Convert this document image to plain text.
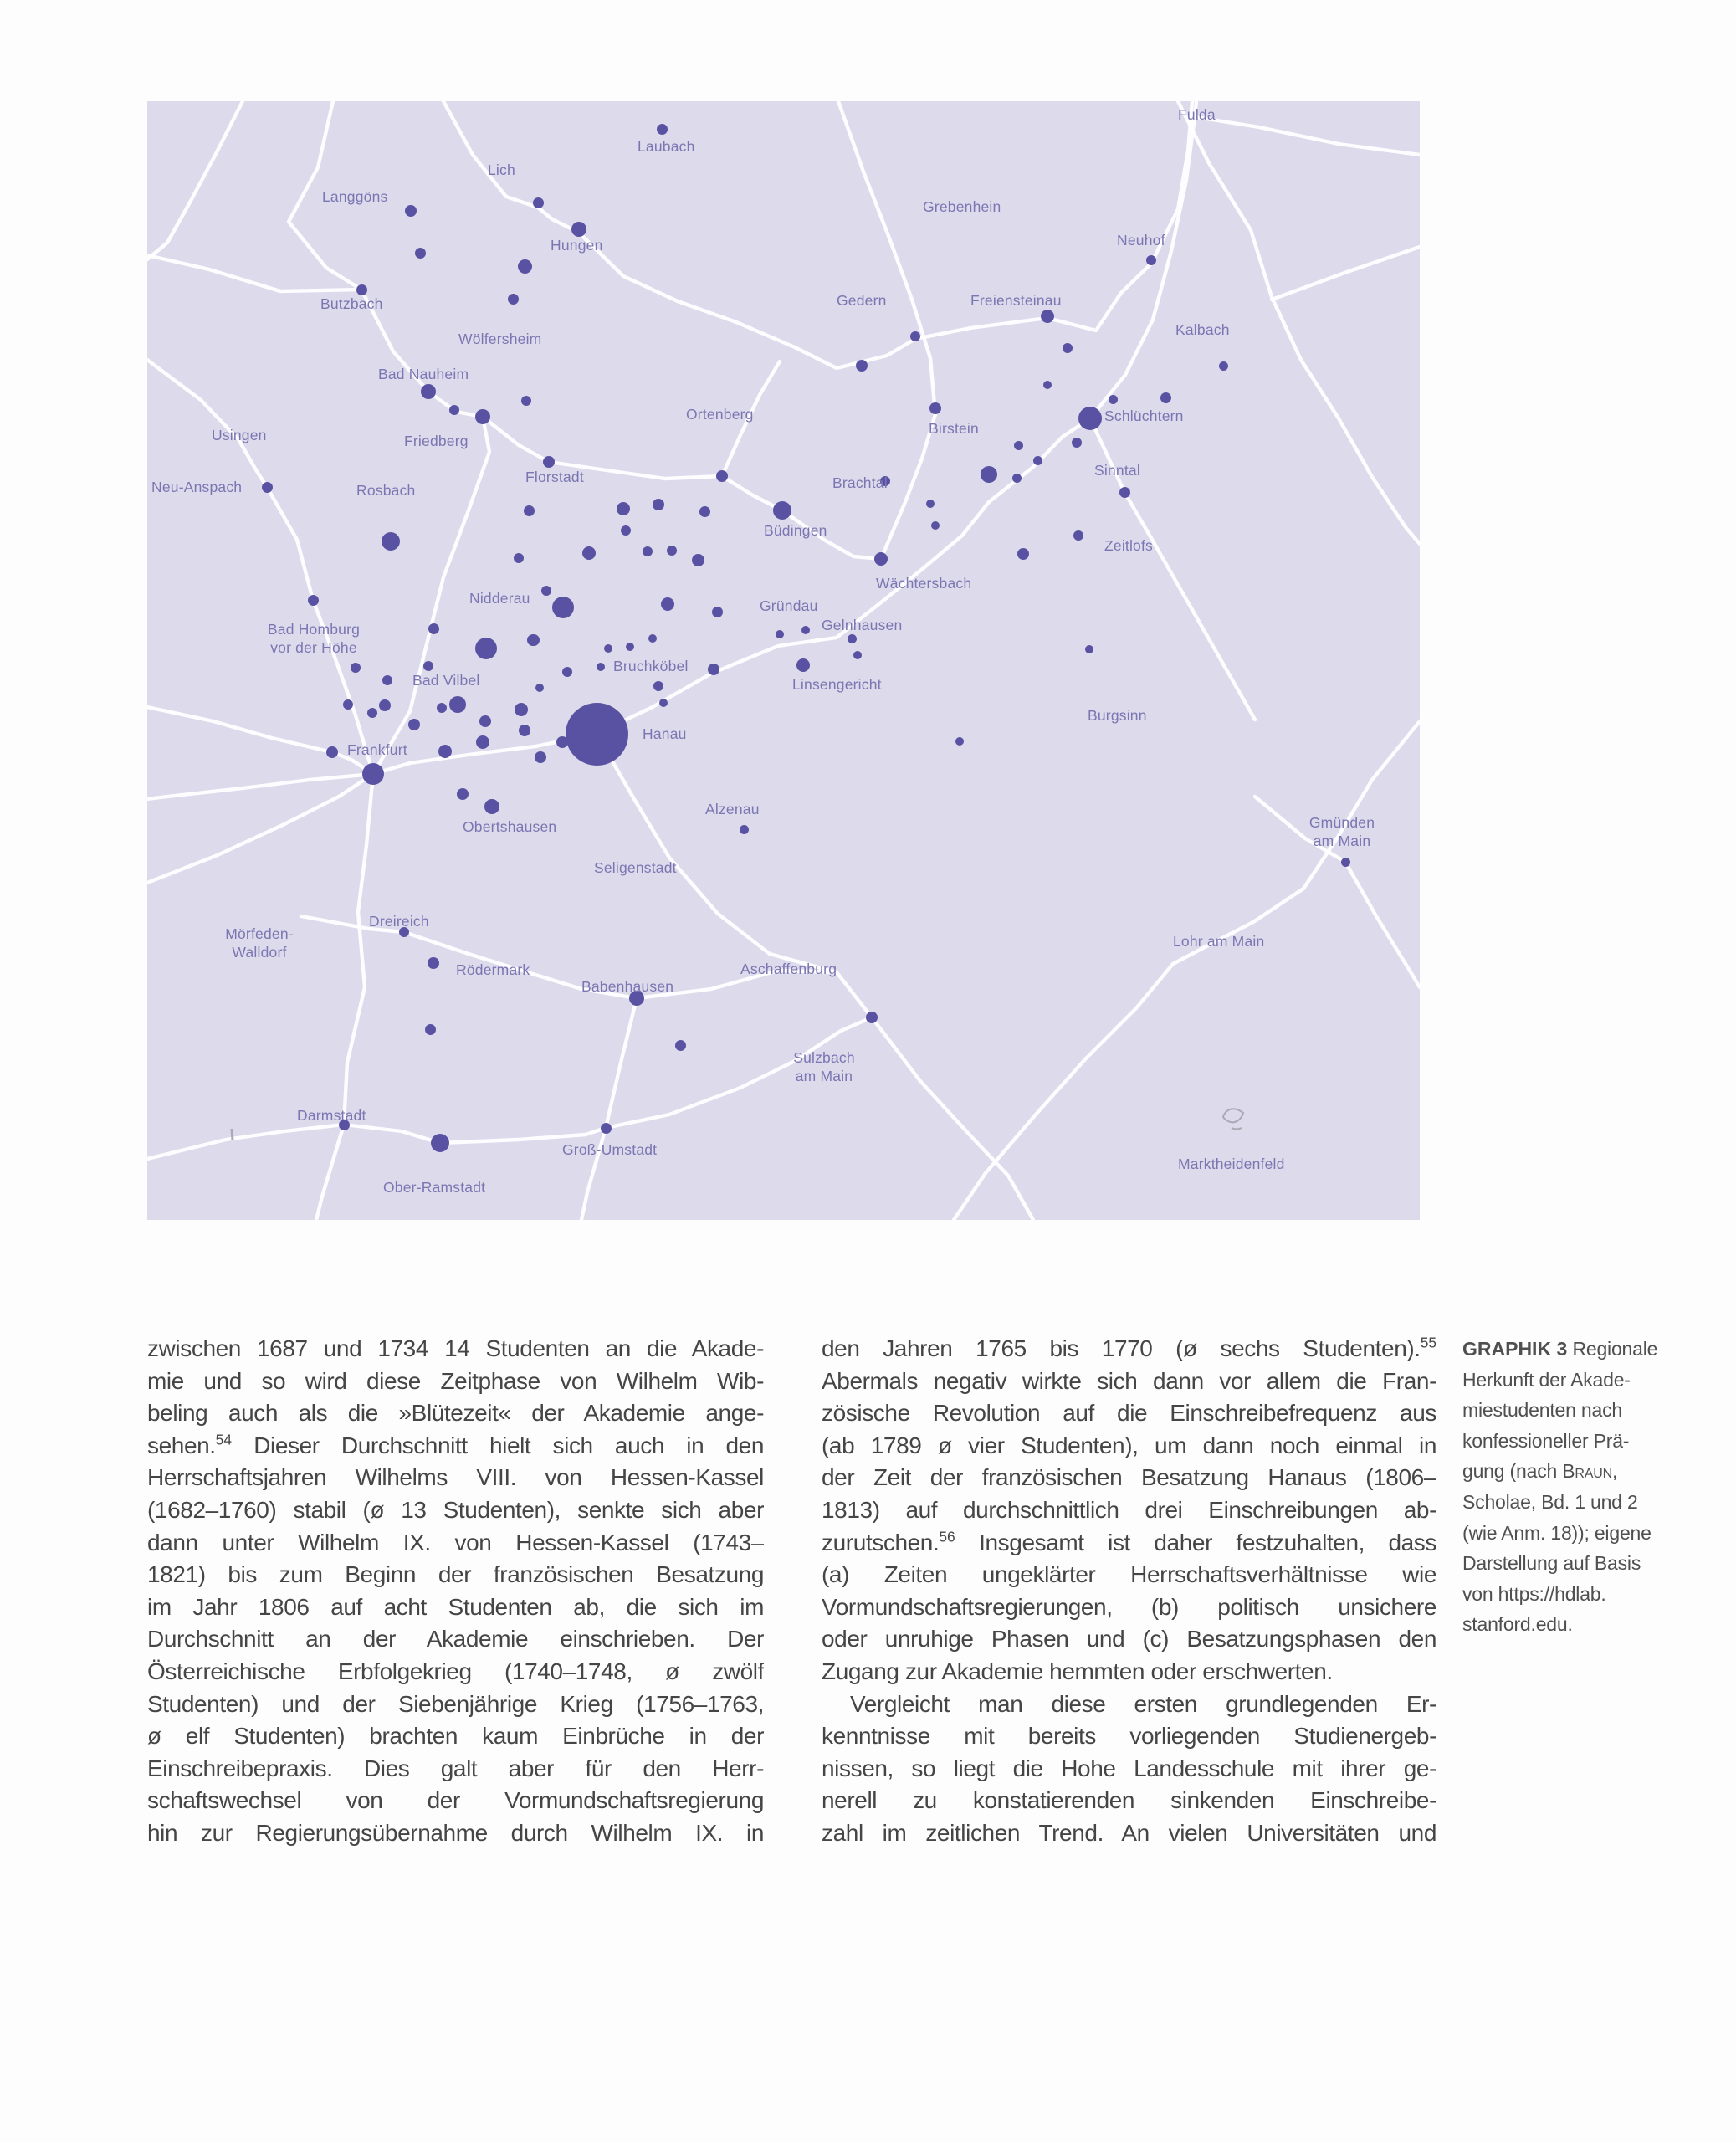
Laubach
Lich
Langgöns
Hungen
Butzbach
Wölfersheim
Bad Nauheim
Usingen	Friedberg
Ortenberg
Neu-Anspach	Rosbach
Florstadt
Fulda
Grebenhein
Neuhof
Gedern	Freiensteinau
Kalbach
Birstein
Schlüchtern
Sinntal
Brachtal
Büdingen
Zeitlofs
Wächtersbach
Nidderau	Gründau
Gelnhausen
Bad Homburg
vor der Höhe
Linsengericht
Bad Vilbel
Bruchköbel
Burgsinn
Frankfurt
Hanau
Obertshausen
Alzenau
Seligenstadt
Gmünden
am Main
Mörfeden-
Walldorf
Dreireich
Rödermark
Babenhausen
Aschaffenburg
Lohr am Main
Sulzbach
am Main
Darmstadt
Groß-Umstadt
Ober-Ramstadt
Marktheidenfeld
zwischen 1687 und 1734 14 Studenten an die Akade-
mie und so wird diese Zeitphase von Wilhelm Wib-
beling auch als die »Blütezeit« der Akademie ange-
sehen.$^{54}$ Dieser Durchschnitt hielt sich auch in den
Herrschaftsjahren Wilhelms VIII. von Hessen-Kassel
(1682–1760) stabil (ø 13 Studenten), senkte sich aber
dann unter Wilhelm IX. von Hessen-Kassel (1743–
1821) bis zum Beginn der französischen Besatzung
im Jahr 1806 auf acht Studenten ab, die sich im
Durchschnitt an der Akademie einschrieben. Der
Österreichische Erbfolgekrieg (1740–1748, ø zwölf
Studenten) und der Siebenjährige Krieg (1756–1763,
ø elf Studenten) brachten kaum Einbrüche in der
Einschreibepraxis. Dies galt aber für den Herr-
schaftswechsel von der Vormundschaftsregierung
hin zur Regierungsübernahme durch Wilhelm IX. in
den Jahren 1765 bis 1770 (ø sechs Studenten).$^{55}$
Abermals negativ wirkte sich dann vor allem die Fran-
zösische Revolution auf die Einschreibefrequenz aus
(ab 1789 ø vier Studenten), um dann noch einmal in
der Zeit der französischen Besatzung Hanaus (1806–
1813) auf durchschnittlich drei Einschreibungen ab-
zurutschen.$^{56}$ Insgesamt ist daher festzuhalten, dass
(a) Zeiten ungeklärter Herrschaftsverhältnisse wie
Vormundschaftsregierungen, (b) politisch unsichere
oder unruhige Phasen und (c) Besatzungsphasen den
Zugang zur Akademie hemmten oder erschwerten.
Vergleicht man diese ersten grundlegenden Er-
kenntnisse mit bereits vorliegenden Studienergeb-
nissen, so liegt die Hohe Landesschule mit ihrer ge-
nerell zu konstatierenden sinkenden Einschreibe-
zahl im zeitlichen Trend. An vielen Universitäten und
GRAPHIK 3 Regionale
Herkunft der Akade-
miestudenten nach
konfessioneller Prä-
gung (nach Braun,
Scholae, Bd. 1 und 2
(wie Anm. 18)); eigene
Darstellung auf Basis
von https://hdlab.
stanford.edu.
